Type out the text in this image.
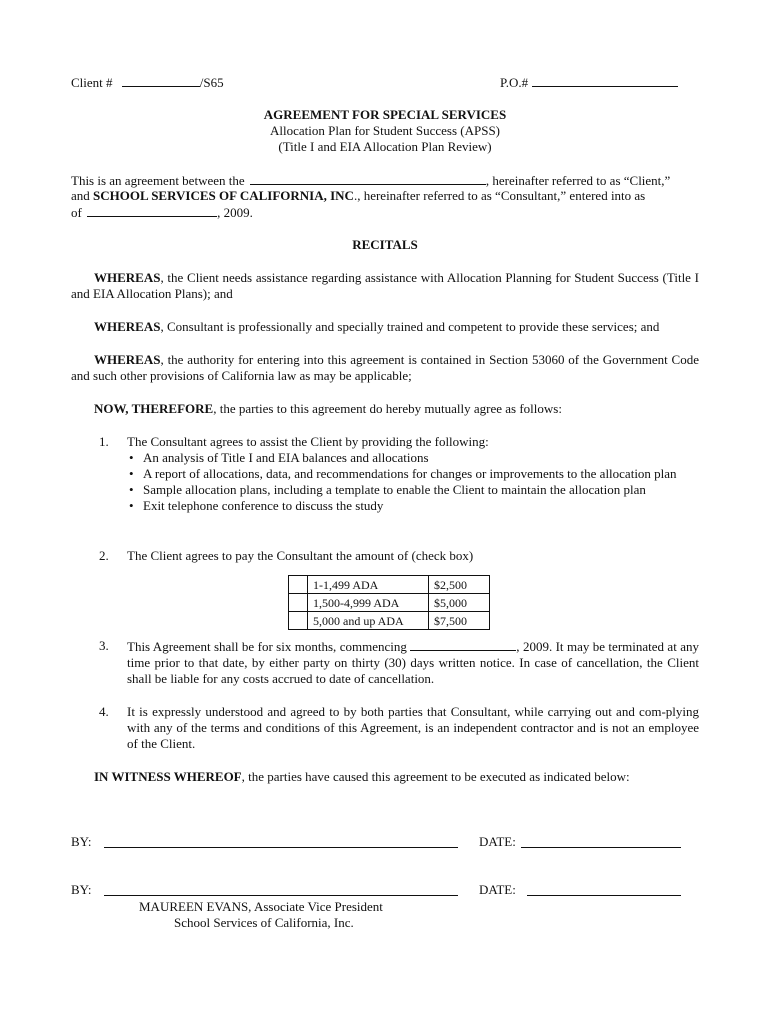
Client #	/S65	P.O.#
AGREEMENT FOR SPECIAL SERVICES
Allocation Plan for Student Success (APSS)
(Title I and EIA Allocation Plan Review)
This is an agreement between the	, hereinafter referred to as “Client,”
and SCHOOL SERVICES OF CALIFORNIA, INC., hereinafter referred to as “Consultant,” entered into as
of	, 2009.
RECITALS
WHEREAS, the Client needs assistance regarding assistance with Allocation Planning for Student Success (Title I and EIA Allocation Plans); and
WHEREAS, Consultant is professionally and specially trained and competent to provide these services; and
WHEREAS, the authority for entering into this agreement is contained in Section 53060 of the Government Code and such other provisions of California law as may be applicable;
NOW, THEREFORE, the parties to this agreement do hereby mutually agree as follows:
1. The Consultant agrees to assist the Client by providing the following:
• An analysis of Title I and EIA balances and allocations
• A report of allocations, data, and recommendations for changes or improvements to the allocation plan
• Sample allocation plans, including a template to enable the Client to maintain the allocation plan
• Exit telephone conference to discuss the study
2. The Client agrees to pay the Consultant the amount of (check box)
	1-1,499 ADA	$2,500
	1,500-4,999 ADA	$5,000
	5,000 and up ADA	$7,500
3. This Agreement shall be for six months, commencing	, 2009. It may be terminated at any time prior to that date, by either party on thirty (30) days written notice. In case of cancellation, the Client shall be liable for any costs accrued to date of cancellation.
4. It is expressly understood and agreed to by both parties that Consultant, while carrying out and com-plying with any of the terms and conditions of this Agreement, is an independent contractor and is not an employee of the Client.
IN WITNESS WHEREOF, the parties have caused this agreement to be executed as indicated below:
BY:	DATE:
BY:	DATE:
MAUREEN EVANS, Associate Vice President
School Services of California, Inc.
